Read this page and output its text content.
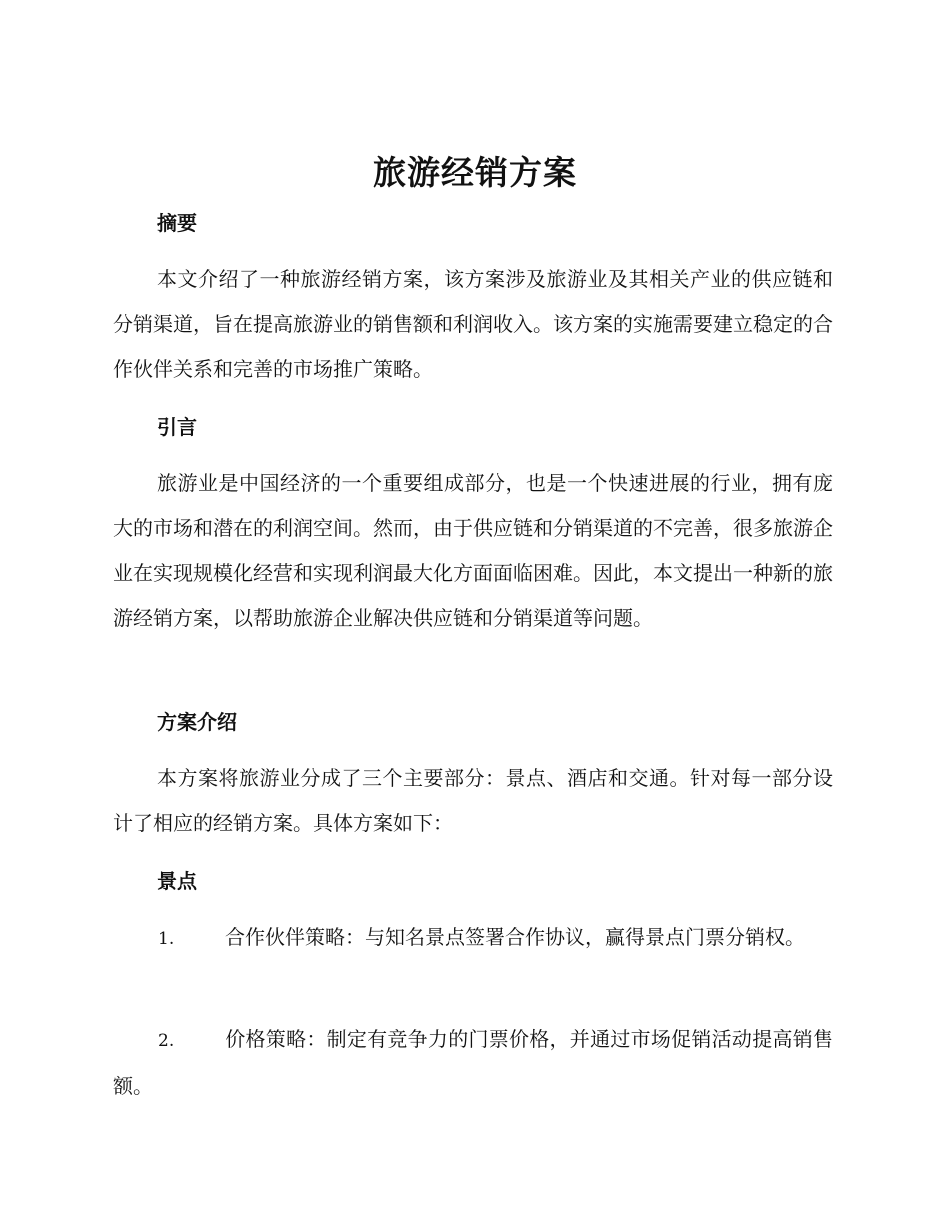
旅游经销方案
摘要

本文介绍了一种旅游经销方案，该方案涉及旅游业及其相关产业的供应链和分销渠道，旨在提高旅游业的销售额和利润收入。该方案的实施需要建立稳定的合作伙伴关系和完善的市场推广策略。

引言

旅游业是中国经济的一个重要组成部分，也是一个快速进展的行业，拥有庞大的市场和潜在的利润空间。然而，由于供应链和分销渠道的不完善，很多旅游企业在实现规模化经营和实现利润最大化方面面临困难。因此，本文提出一种新的旅游经销方案，以帮助旅游企业解决供应链和分销渠道等问题。

方案介绍

本方案将旅游业分成了三个主要部分：景点、酒店和交通。针对每一部分设计了相应的经销方案。具体方案如下：

景点

1.	合作伙伴策略：与知名景点签署合作协议，赢得景点门票分销权。

2.	价格策略：制定有竞争力的门票价格，并通过市场促销活动提高销售额。
